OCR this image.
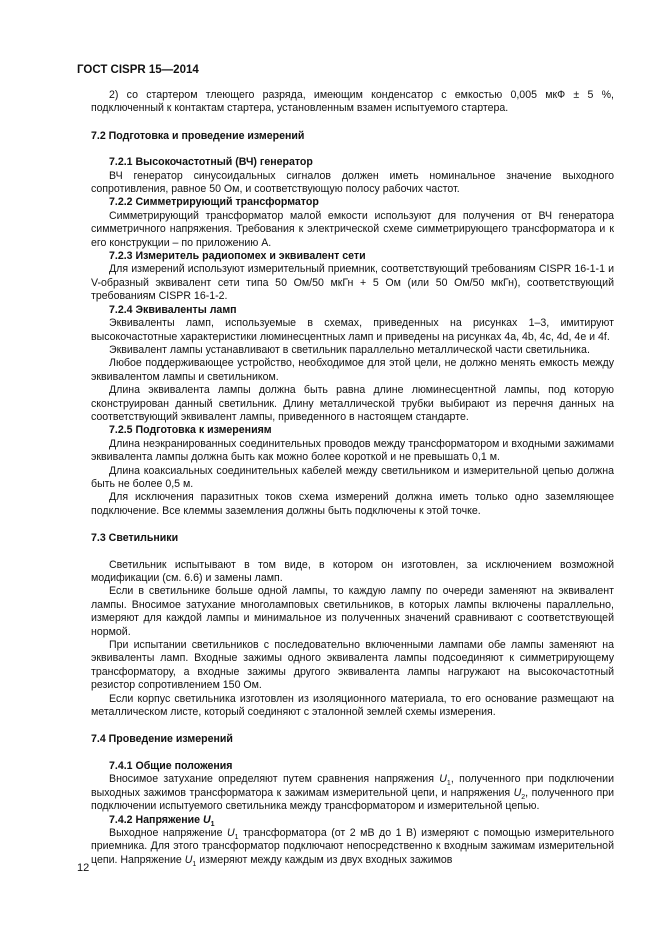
ГОСТ CISPR 15—2014

2) со стартером тлеющего разряда, имеющим конденсатор с емкостью 0,005 мкФ ± 5 %, подключенный к контактам стартера, установленным взамен испытуемого стартера.

7.2 Подготовка и проведение измерений

7.2.1 Высокочастотный (ВЧ) генератор

ВЧ генератор синусоидальных сигналов должен иметь номинальное значение выходного сопротивления, равное 50 Ом, и соответствующую полосу рабочих частот.

7.2.2 Симметрирующий трансформатор

Симметрирующий трансформатор малой емкости используют для получения от ВЧ генератора симметричного напряжения. Требования к электрической схеме симметрирующего трансформатора и к его конструкции – по приложению А.

7.2.3 Измеритель радиопомех и эквивалент сети

Для измерений используют измерительный приемник, соответствующий требованиям CISPR 16-1-1 и V-образный эквивалент сети типа 50 Ом/50 мкГн + 5 Ом (или 50 Ом/50 мкГн), соответствующий требованиям CISPR 16-1-2.

7.2.4 Эквиваленты ламп

Эквиваленты ламп, используемые в схемах, приведенных на рисунках 1–3, имитируют высокочастотные характеристики люминесцентных ламп и приведены на рисунках 4a, 4b, 4c, 4d, 4e и 4f.

Эквивалент лампы устанавливают в светильник параллельно металлической части светильника.

Любое поддерживающее устройство, необходимое для этой цели, не должно менять емкость между эквивалентом лампы и светильником.

Длина эквивалента лампы должна быть равна длине люминесцентной лампы, под которую сконструирован данный светильник. Длину металлической трубки выбирают из перечня данных на соответствующий эквивалент лампы, приведенного в настоящем стандарте.

7.2.5 Подготовка к измерениям

Длина неэкранированных соединительных проводов между трансформатором и входными зажимами эквивалента лампы должна быть как можно более короткой и не превышать 0,1 м.

Длина коаксиальных соединительных кабелей между светильником и измерительной цепью должна быть не более 0,5 м.

Для исключения паразитных токов схема измерений должна иметь только одно заземляющее подключение. Все клеммы заземления должны быть подключены к этой точке.

7.3 Светильники

Светильник испытывают в том виде, в котором он изготовлен, за исключением возможной модификации (см. 6.6) и замены ламп.

Если в светильнике больше одной лампы, то каждую лампу по очереди заменяют на эквивалент лампы. Вносимое затухание многоламповых светильников, в которых лампы включены параллельно, измеряют для каждой лампы и минимальное из полученных значений сравнивают с соответствующей нормой.

При испытании светильников с последовательно включенными лампами обе лампы заменяют на эквиваленты ламп. Входные зажимы одного эквивалента лампы подсоединяют к симметрирующему трансформатору, а входные зажимы другого эквивалента лампы нагружают на высокочастотный резистор сопротивлением 150 Ом.

Если корпус светильника изготовлен из изоляционного материала, то его основание размещают на металлическом листе, который соединяют с эталонной землей схемы измерения.

7.4 Проведение измерений

7.4.1 Общие положения

Вносимое затухание определяют путем сравнения напряжения $U_1$, полученного при подключении выходных зажимов трансформатора к зажимам измерительной цепи, и напряжения $U_2$, полученного при подключении испытуемого светильника между трансформатором и измерительной цепью.

7.4.2 Напряжение $U_1$

Выходное напряжение $U_1$ трансформатора (от 2 мВ до 1 В) измеряют с помощью измерительного приемника. Для этого трансформатор подключают непосредственно к входным зажимам измерительной цепи. Напряжение $U_1$ измеряют между каждым из двух входных зажимов

12
